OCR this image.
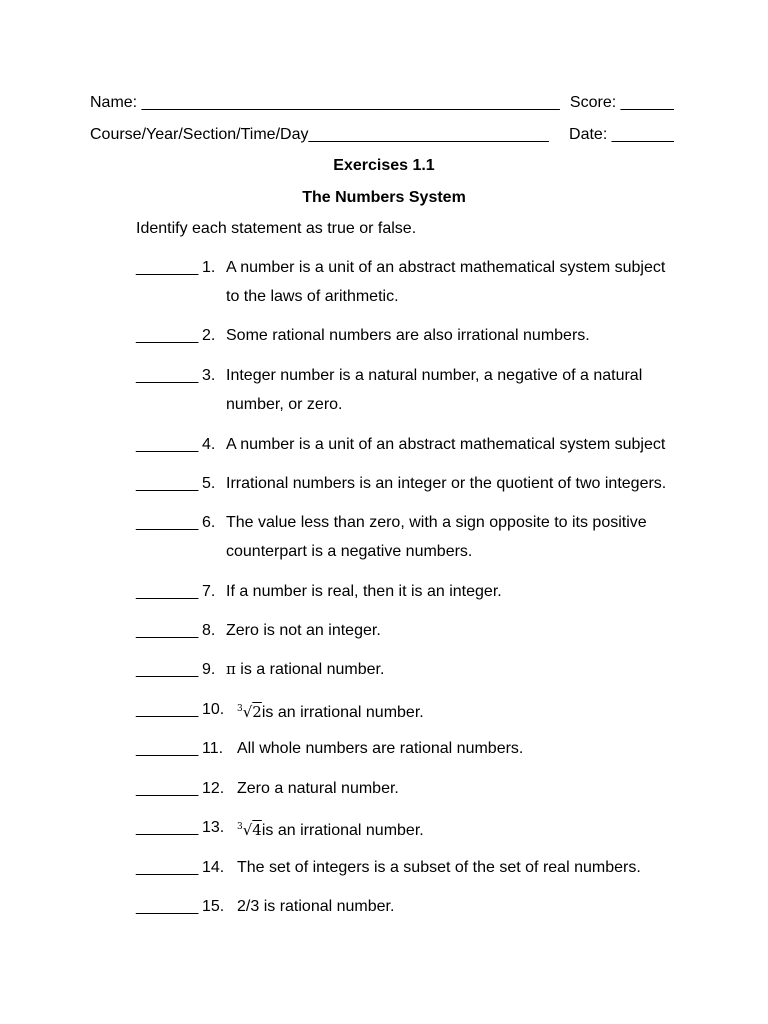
Name: _______________________________________________ Score: ______
Course/Year/Section/Time/Day___________________________ Date: _______
Exercises 1.1
The Numbers System
Identify each statement as true or false.
_______ 1. A number is a unit of an abstract mathematical system subject to the laws of arithmetic.
_______ 2. Some rational numbers are also irrational numbers.
_______ 3. Integer number is a natural number, a negative of a natural number, or zero.
_______ 4. A number is a unit of an abstract mathematical system subject
_______ 5. Irrational numbers is an integer or the quotient of two integers.
_______ 6. The value less than zero, with a sign opposite to its positive counterpart is a negative numbers.
_______ 7. If a number is real, then it is an integer.
_______ 8. Zero is not an integer.
_______ 9. π is a rational number.
_______ 10. $^3$√2is an irrational number.
_______ 11. All whole numbers are rational numbers.
_______ 12. Zero a natural number.
_______ 13. $^3$√4is an irrational number.
_______ 14. The set of integers is a subset of the set of real numbers.
_______ 15. 2/3 is rational number.
